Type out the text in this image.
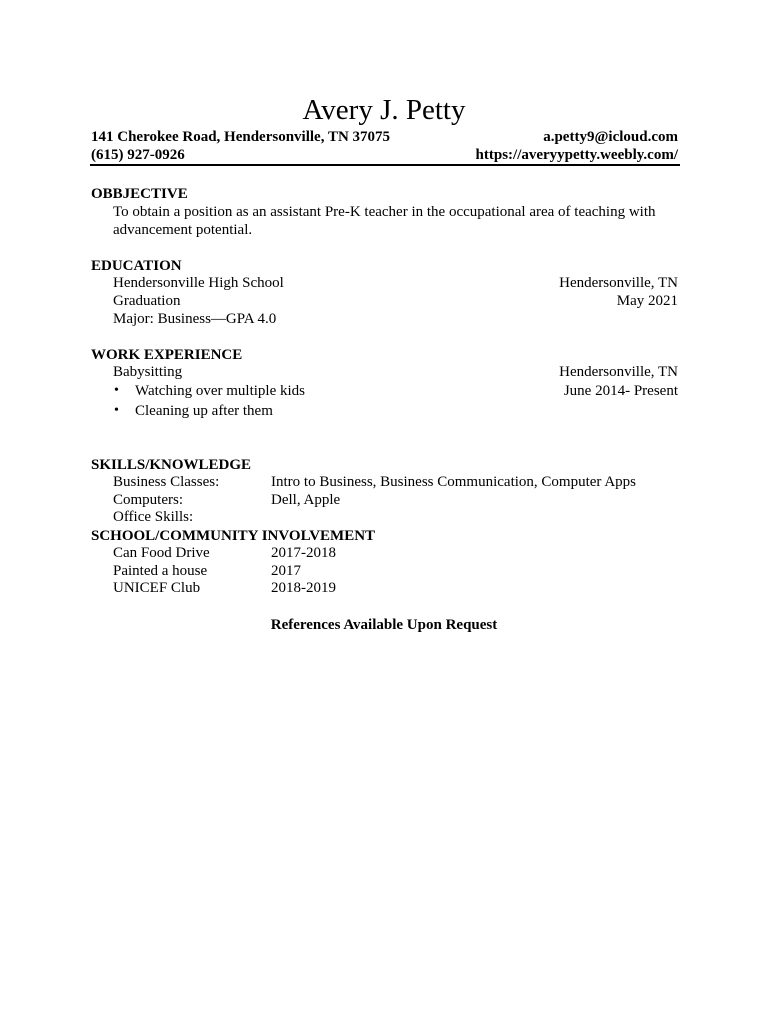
Avery J. Petty
141 Cherokee Road, Hendersonville, TN 37075	a.petty9@icloud.com
(615) 927-0926	https://averyypetty.weebly.com/
OBBJECTIVE
To obtain a position as an assistant Pre-K teacher in the occupational area of teaching with
advancement potential.
EDUCATION
Hendersonville High School	Hendersonville, TN
Graduation	May 2021
Major: Business—GPA 4.0
WORK EXPERIENCE
Babysitting	Hendersonville, TN
• Watching over multiple kids	June 2014- Present
• Cleaning up after them
SKILLS/KNOWLEDGE
Business Classes:	Intro to Business, Business Communication, Computer Apps
Computers:	Dell, Apple
Office Skills:
SCHOOL/COMMUNITY INVOLVEMENT
Can Food Drive	2017-2018
Painted a house	2017
UNICEF Club	2018-2019
References Available Upon Request
